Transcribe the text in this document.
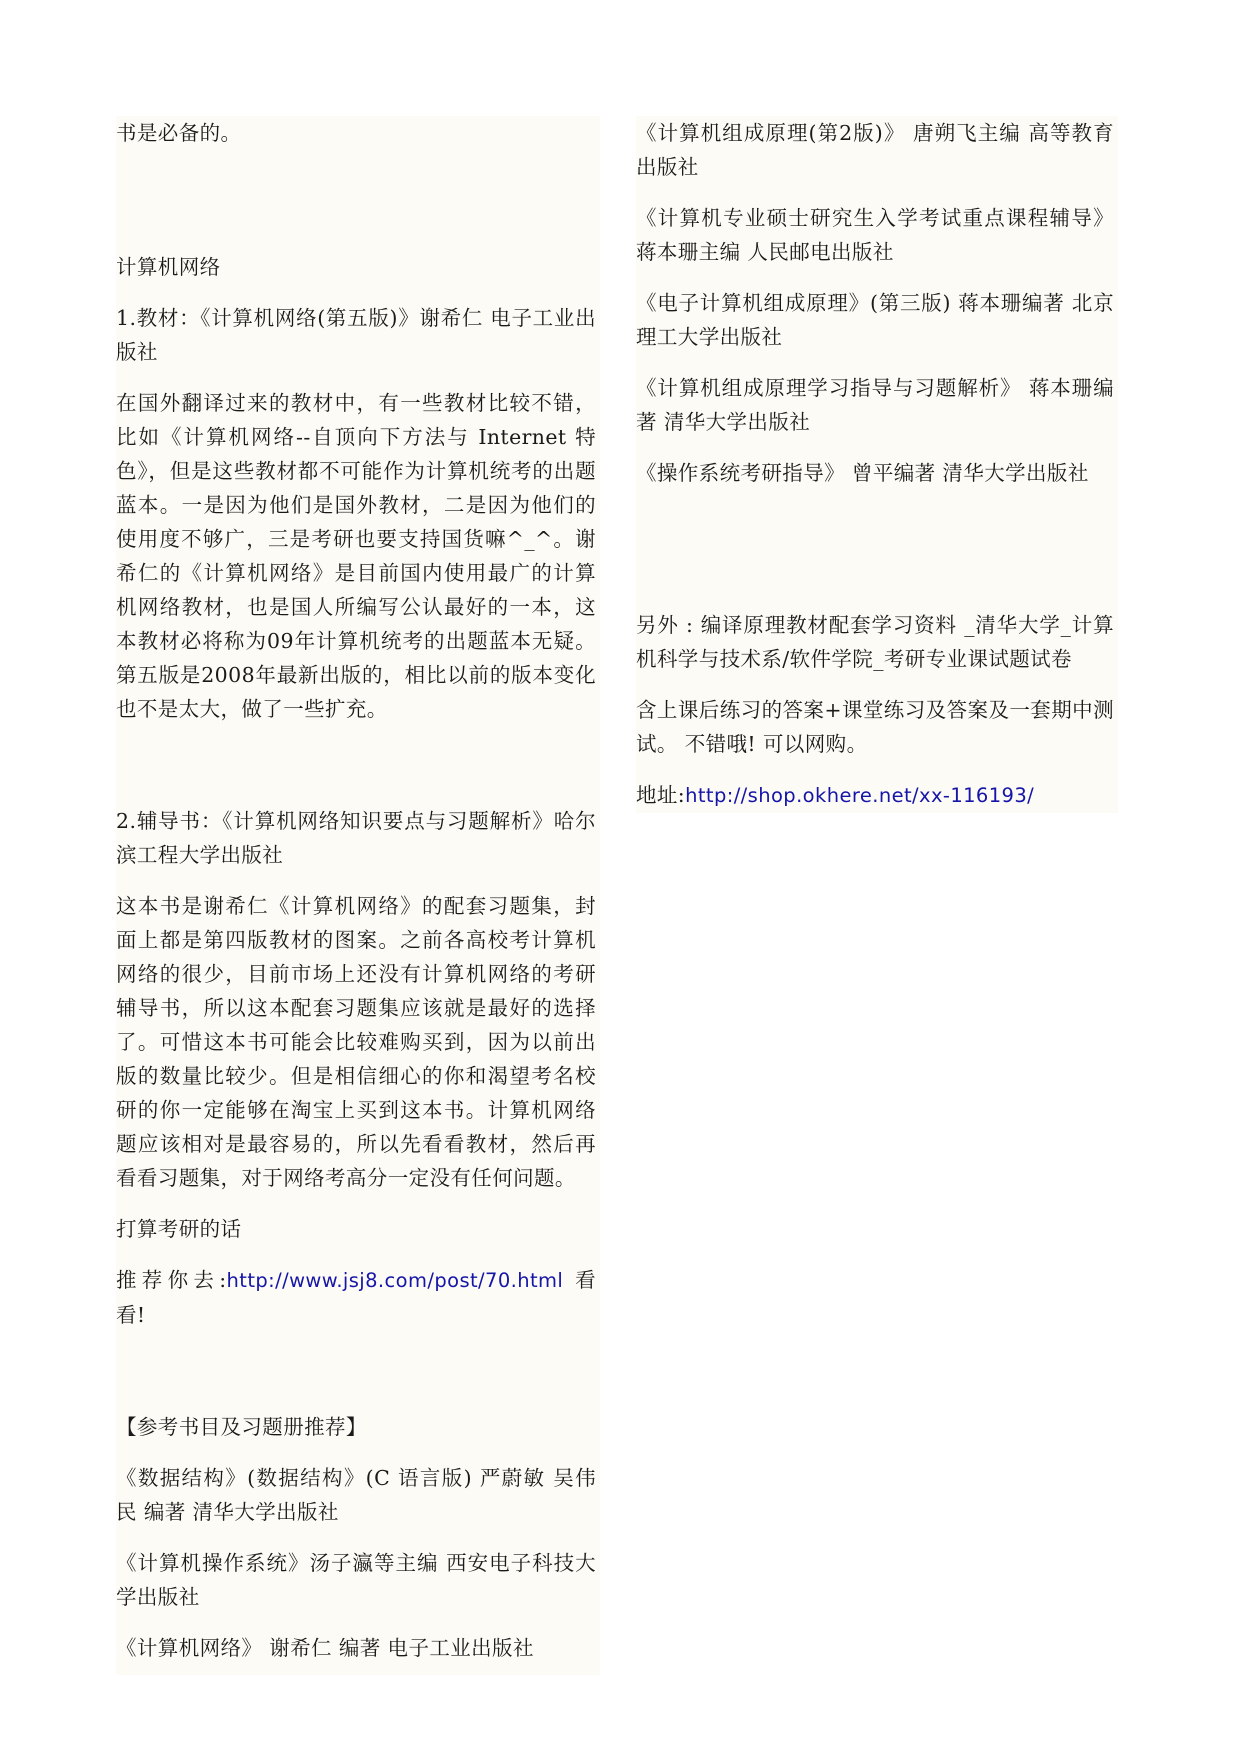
书是必备的。

计算机网络

1.教材：《计算机网络(第五版)》谢希仁 电子工业出版社

在国外翻译过来的教材中，有一些教材比较不错，比如《计算机网络--自顶向下方法与 Internet 特色》，但是这些教材都不可能作为计算机统考的出题蓝本。一是因为他们是国外教材，二是因为他们的使用度不够广，三是考研也要支持国货嘛^_^。谢希仁的《计算机网络》是目前国内使用最广的计算机网络教材，也是国人所编写公认最好的一本，这本教材必将称为09年计算机统考的出题蓝本无疑。第五版是2008年最新出版的，相比以前的版本变化也不是太大，做了一些扩充。

2.辅导书：《计算机网络知识要点与习题解析》哈尔滨工程大学出版社

这本书是谢希仁《计算机网络》的配套习题集，封面上都是第四版教材的图案。之前各高校考计算机网络的很少，目前市场上还没有计算机网络的考研辅导书，所以这本配套习题集应该就是最好的选择了。可惜这本书可能会比较难购买到，因为以前出版的数量比较少。但是相信细心的你和渴望考名校研的你一定能够在淘宝上买到这本书。计算机网络题应该相对是最容易的，所以先看看教材，然后再看看习题集，对于网络考高分一定没有任何问题。

打算考研的话

推荐你去:http://www.jsj8.com/post/70.html 看看!

【参考书目及习题册推荐】

《数据结构》(数据结构》(C 语言版) 严蔚敏 吴伟民 编著 清华大学出版社

《计算机操作系统》汤子瀛等主编 西安电子科技大学出版社

《计算机网络》 谢希仁 编著 电子工业出版社

《计算机组成原理(第2版)》 唐朔飞主编 高等教育出版社

《计算机专业硕士研究生入学考试重点课程辅导》蒋本珊主编 人民邮电出版社

《电子计算机组成原理》(第三版) 蒋本珊编著 北京理工大学出版社

《计算机组成原理学习指导与习题解析》 蒋本珊编著 清华大学出版社

《操作系统考研指导》 曾平编著 清华大学出版社

另外 : 编译原理教材配套学习资料 _清华大学_计算机科学与技术系/软件学院_考研专业课试题试卷

含上课后练习的答案+课堂练习及答案及一套期中测试。 不错哦! 可以网购。

地址:http://shop.okhere.net/xx-116193/
